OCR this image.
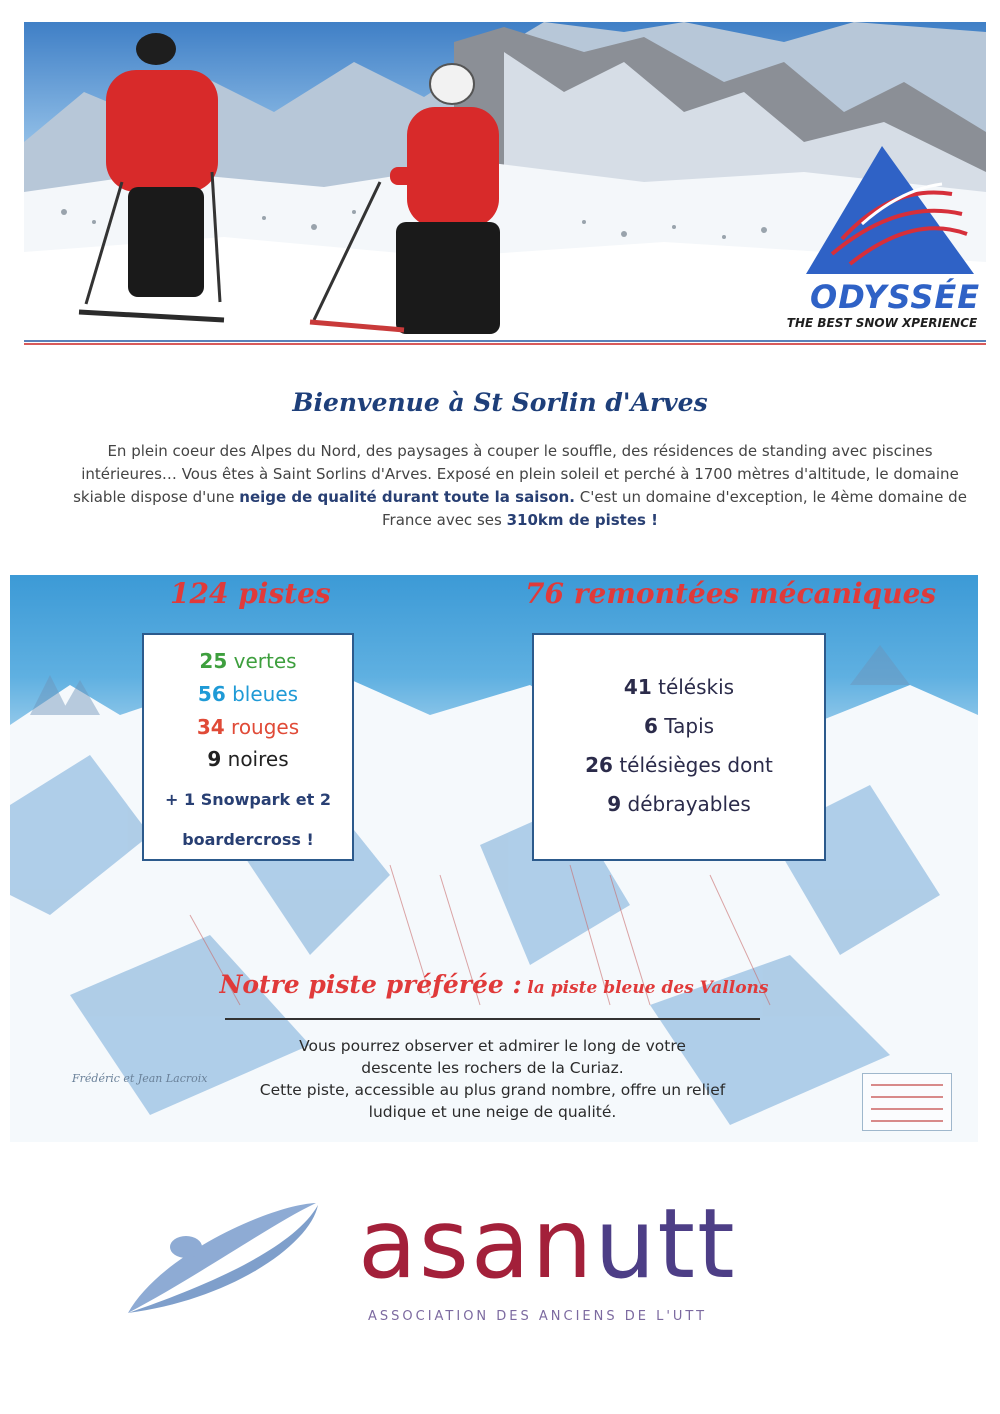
ODYSSÉE
THE BEST SNOW XPERIENCE
Bienvenue à St Sorlin d'Arves

En plein coeur des Alpes du Nord, des paysages à couper le souffle, des résidences de standing avec piscines intérieures… Vous êtes à Saint Sorlins d'Arves. Exposé en plein soleil et perché à 1700 mètres d'altitude, le domaine skiable dispose d'une neige de qualité durant toute la saison. C'est un domaine d'exception, le 4ème domaine de France avec ses 310km de pistes !

124 pistes	76 remontées mécaniques
25 vertes
56 bleues
34 rouges
9 noires
+ 1 Snowpark et 2
boardercross !
41 téléskis
6 Tapis
26 télésièges dont
9 débrayables
Notre piste préférée : la piste bleue des Vallons
Vous pourrez observer et admirer le long de votre
descente les rochers de la Curiaz.
Cette piste, accessible au plus grand nombre, offre un relief
ludique et une neige de qualité.
Frédéric et Jean Lacroix
asanutt
ASSOCIATION DES ANCIENS DE L'UTT
